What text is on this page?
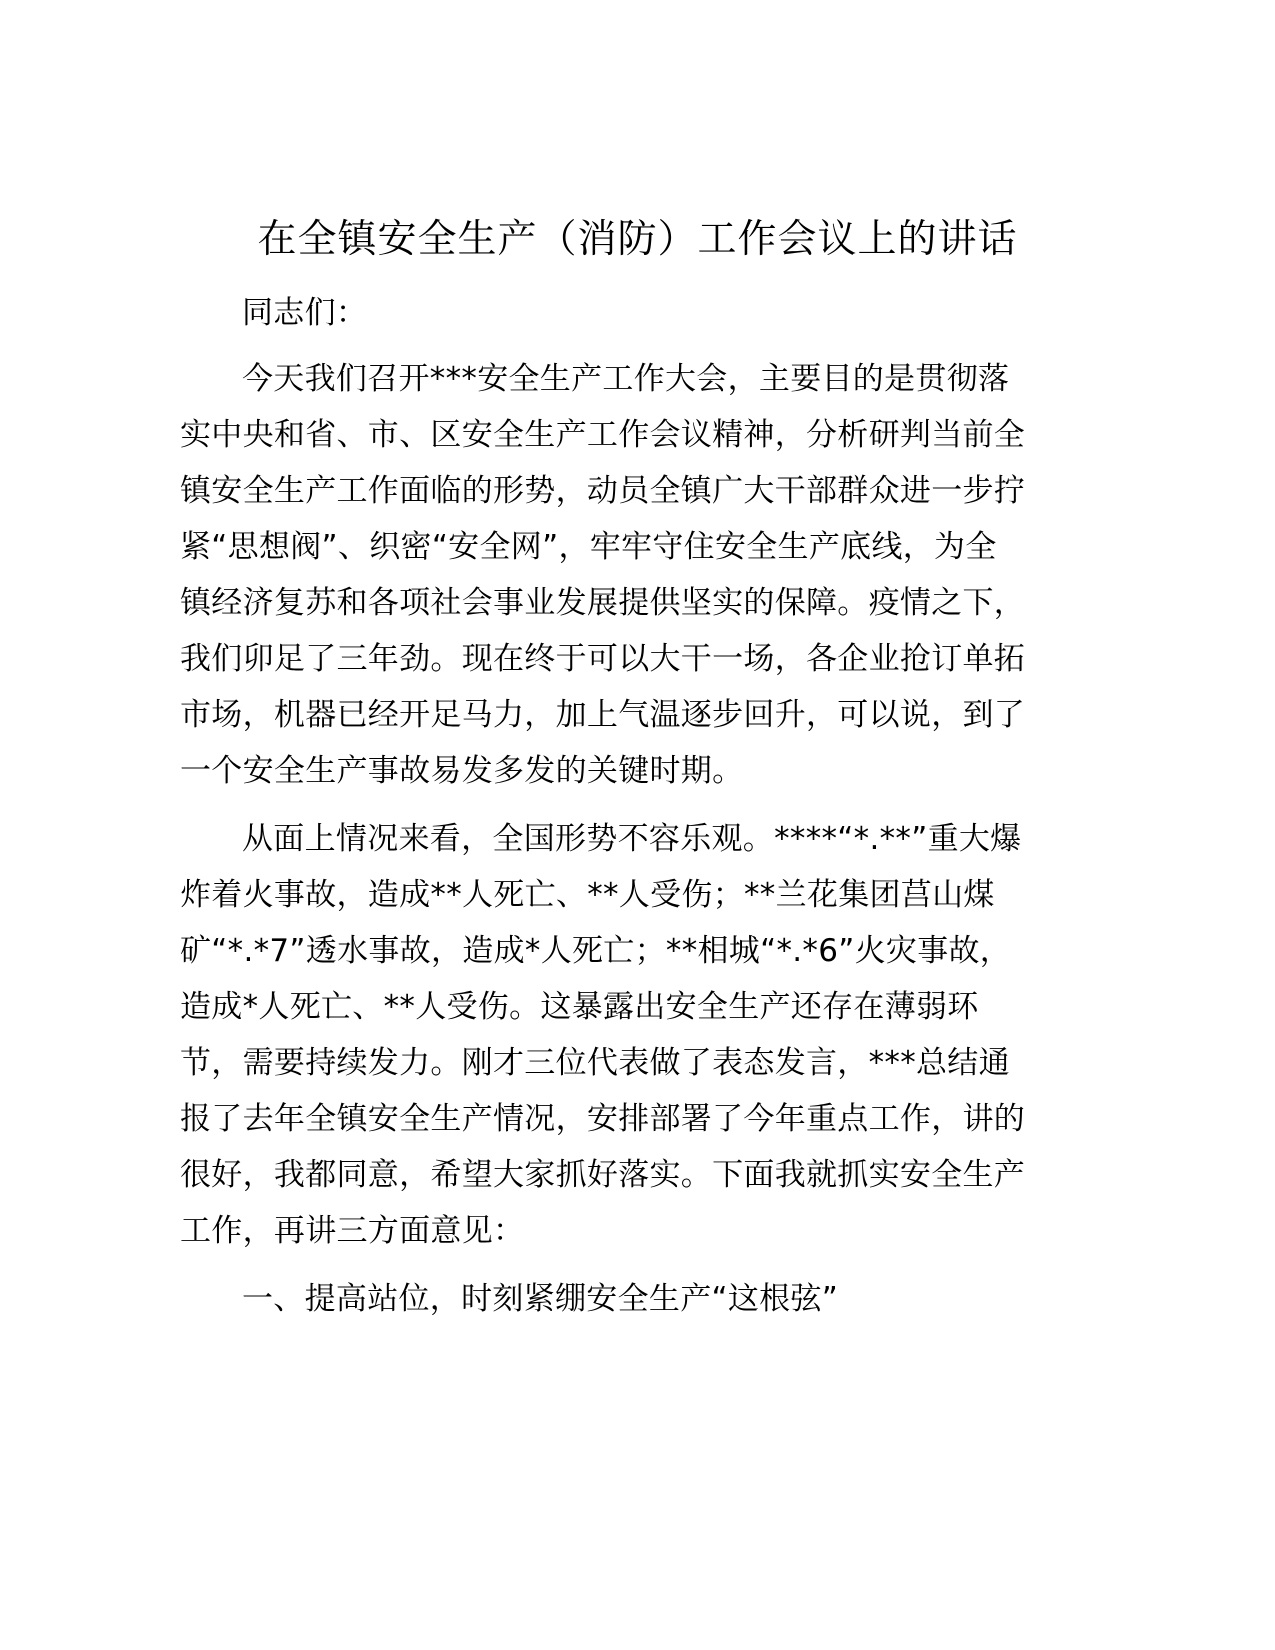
在全镇安全生产（消防）工作会议上的讲话
同志们：
今天我们召开***安全生产工作大会，主要目的是贯彻落
实中央和省、市、区安全生产工作会议精神，分析研判当前全
镇安全生产工作面临的形势，动员全镇广大干部群众进一步拧
紧“思想阀”、织密“安全网”，牢牢守住安全生产底线，为全
镇经济复苏和各项社会事业发展提供坚实的保障。疫情之下，
我们卯足了三年劲。现在终于可以大干一场，各企业抢订单拓
市场，机器已经开足马力，加上气温逐步回升，可以说，到了
一个安全生产事故易发多发的关键时期。
从面上情况来看，全国形势不容乐观。****“*.**”重大爆
炸着火事故，造成**人死亡、**人受伤；**兰花集团莒山煤
矿“*.*7”透水事故，造成*人死亡；**相城“*.*6”火灾事故，
造成*人死亡、**人受伤。这暴露出安全生产还存在薄弱环
节，需要持续发力。刚才三位代表做了表态发言，***总结通
报了去年全镇安全生产情况，安排部署了今年重点工作，讲的
很好，我都同意，希望大家抓好落实。下面我就抓实安全生产
工作，再讲三方面意见：
一、提高站位，时刻紧绷安全生产“这根弦”
